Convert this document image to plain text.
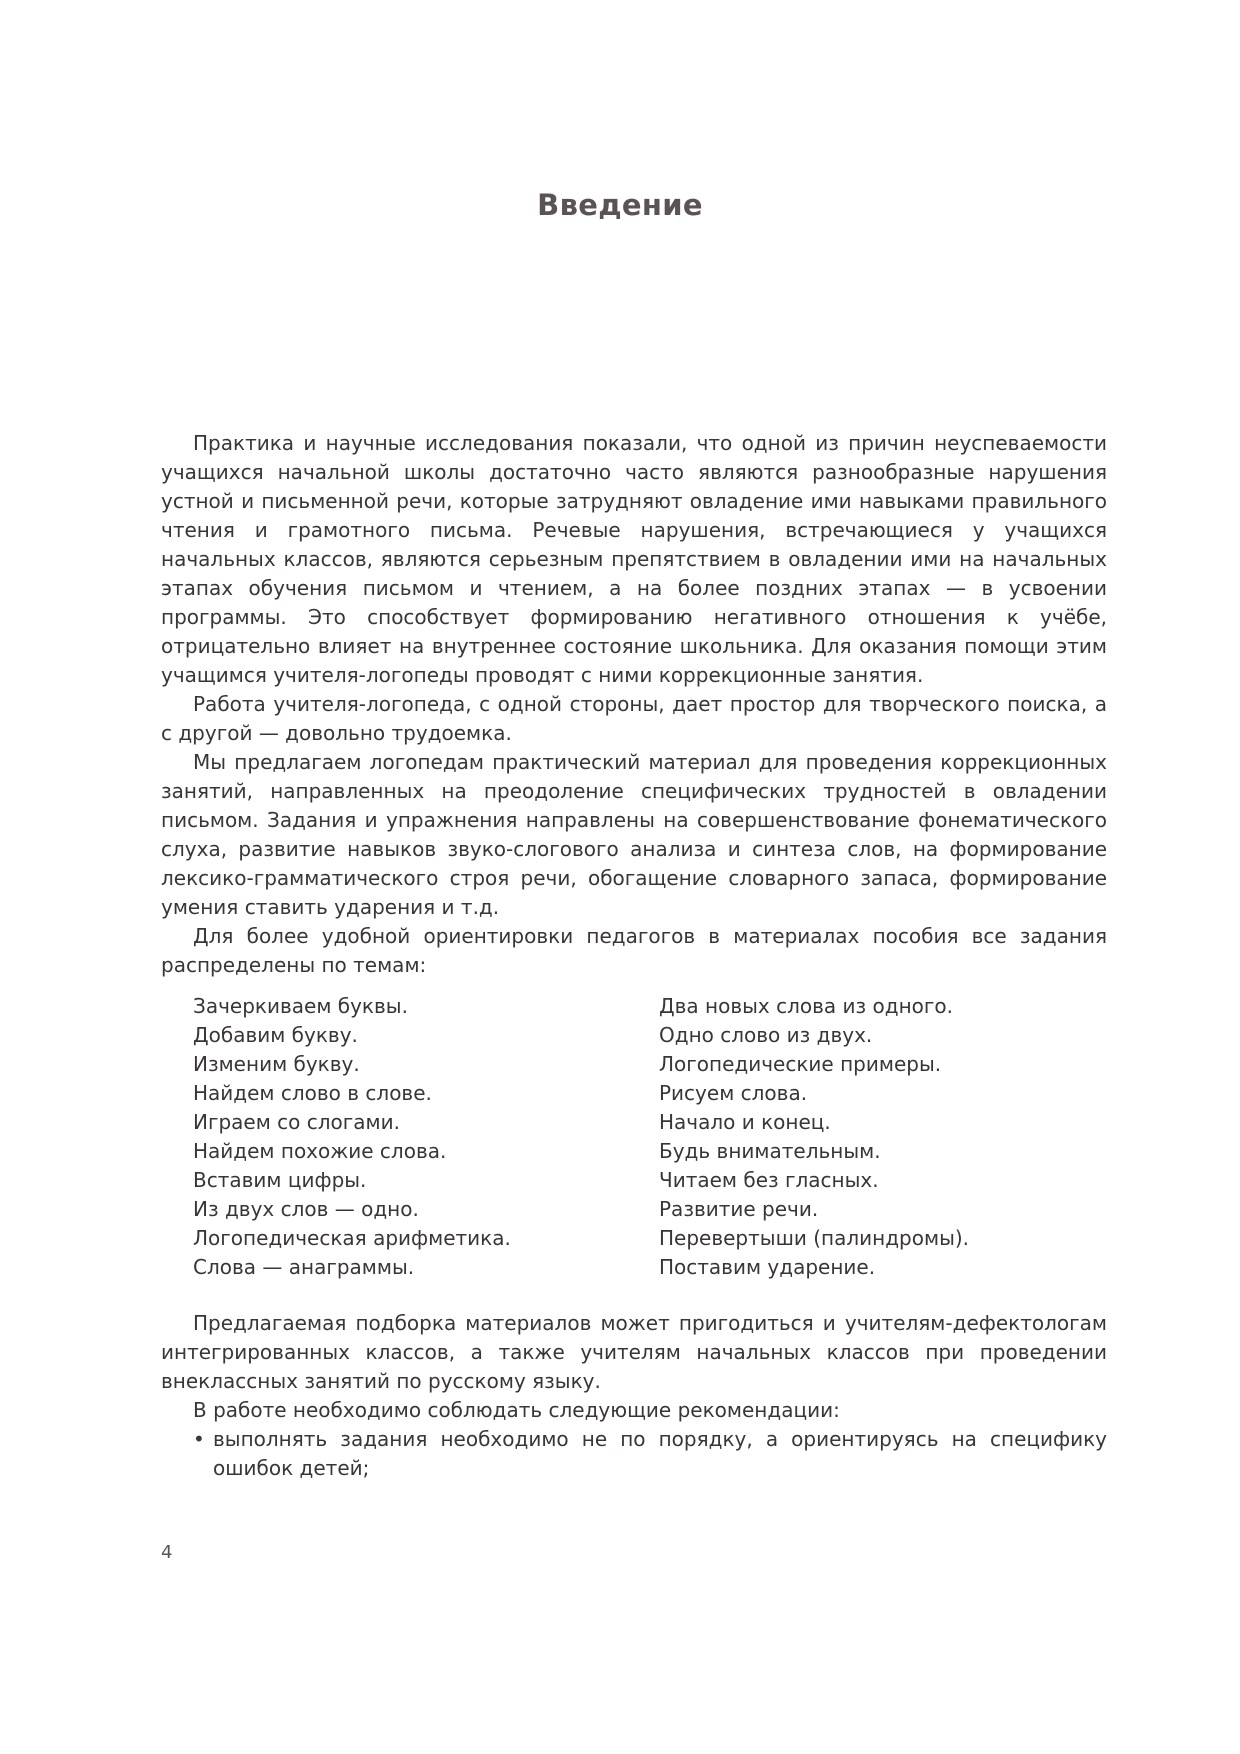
Введение

Практика и научные исследования показали, что одной из причин неуспеваемости учащихся начальной школы достаточно часто являются разнообразные нарушения устной и письменной речи, которые затрудняют овладение ими навыками правильного чтения и грамотного письма. Речевые нарушения, встречающиеся у учащихся начальных классов, являются серьезным препятствием в овладении ими на начальных этапах обучения письмом и чтением, а на более поздних этапах — в усвоении программы. Это способствует формированию негативного отношения к учёбе, отрицательно влияет на внутреннее состояние школьника. Для оказания помощи этим учащимся учителя-логопеды проводят с ними коррекционные занятия.

Работа учителя-логопеда, с одной стороны, дает простор для творческого поиска, а с другой — довольно трудоемка.

Мы предлагаем логопедам практический материал для проведения коррекционных занятий, направленных на преодоление специфических трудностей в овладении письмом. Задания и упражнения направлены на совершенствование фонематического слуха, развитие навыков звуко-слогового анализа и синтеза слов, на формирование лексико-грамматического строя речи, обогащение словарного запаса, формирование умения ставить ударения и т.д.

Для более удобной ориентировки педагогов в материалах пособия все задания распределены по темам:

Зачеркиваем буквы.
Добавим букву.
Изменим букву.
Найдем слово в слове.
Играем со слогами.
Найдем похожие слова.
Вставим цифры.
Из двух слов — одно.
Логопедическая арифметика.
Слова — анаграммы.
Два новых слова из одного.
Одно слово из двух.
Логопедические примеры.
Рисуем слова.
Начало и конец.
Будь внимательным.
Читаем без гласных.
Развитие речи.
Перевертыши (палиндромы).
Поставим ударение.

Предлагаемая подборка материалов может пригодиться и учителям-дефектологам интегрированных классов, а также учителям начальных классов при проведении внеклассных занятий по русскому языку.

В работе необходимо соблюдать следующие рекомендации:

• выполнять задания необходимо не по порядку, а ориентируясь на специфику ошибок детей;
4
